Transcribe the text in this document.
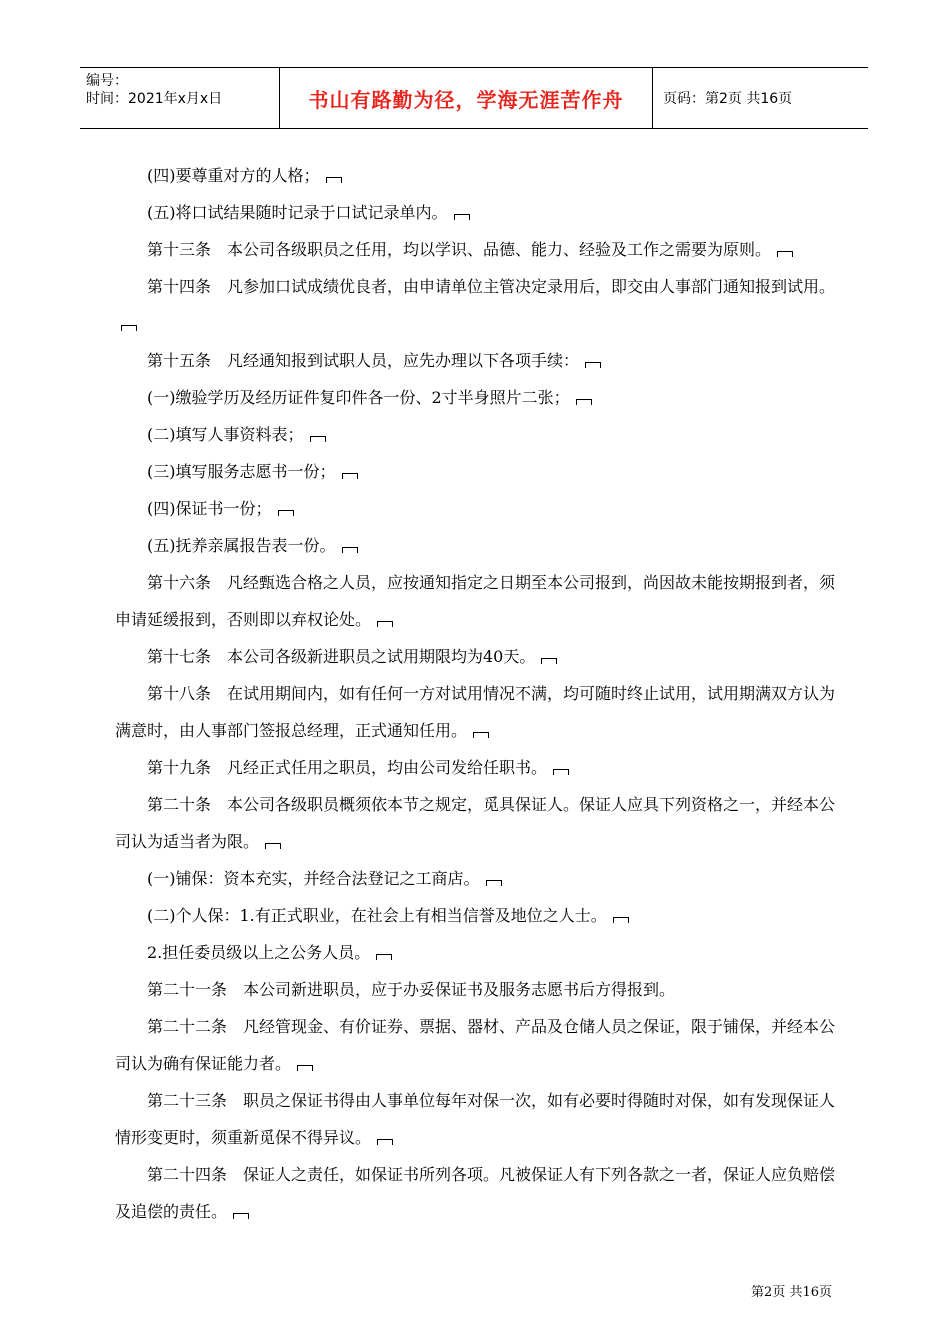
编号：
时间：2021年x月x日	书山有路勤为径，学海无涯苦作舟	页码：第2页 共16页

(四)要尊重对方的人格；

(五)将口试结果随时记录于口试记录单内。

第十三条　本公司各级职员之任用，均以学识、品德、能力、经验及工作之需要为原则。

第十四条　凡参加口试成绩优良者，由申请单位主管决定录用后，即交由人事部门通知报到试用。

第十五条　凡经通知报到试职人员，应先办理以下各项手续：

(一)缴验学历及经历证件复印件各一份、2寸半身照片二张；

(二)填写人事资料表；

(三)填写服务志愿书一份；

(四)保证书一份；

(五)抚养亲属报告表一份。

第十六条　凡经甄选合格之人员，应按通知指定之日期至本公司报到，尚因故未能按期报到者，须申请延缓报到，否则即以弃权论处。

第十七条　本公司各级新进职员之试用期限均为40天。

第十八条　在试用期间内，如有任何一方对试用情况不满，均可随时终止试用，试用期满双方认为满意时，由人事部门签报总经理，正式通知任用。

第十九条　凡经正式任用之职员，均由公司发给任职书。

第二十条　本公司各级职员概须依本节之规定，觅具保证人。保证人应具下列资格之一，并经本公司认为适当者为限。

(一)铺保：资本充实，并经合法登记之工商店。

(二)个人保：1.有正式职业，在社会上有相当信誉及地位之人士。

2.担任委员级以上之公务人员。

第二十一条　本公司新进职员，应于办妥保证书及服务志愿书后方得报到。

第二十二条　凡经管现金、有价证券、票据、器材、产品及仓储人员之保证，限于铺保，并经本公司认为确有保证能力者。

第二十三条　职员之保证书得由人事单位每年对保一次，如有必要时得随时对保，如有发现保证人情形变更时，须重新觅保不得异议。

第二十四条　保证人之责任，如保证书所列各项。凡被保证人有下列各款之一者，保证人应负赔偿及追偿的责任。

第2页 共16页
